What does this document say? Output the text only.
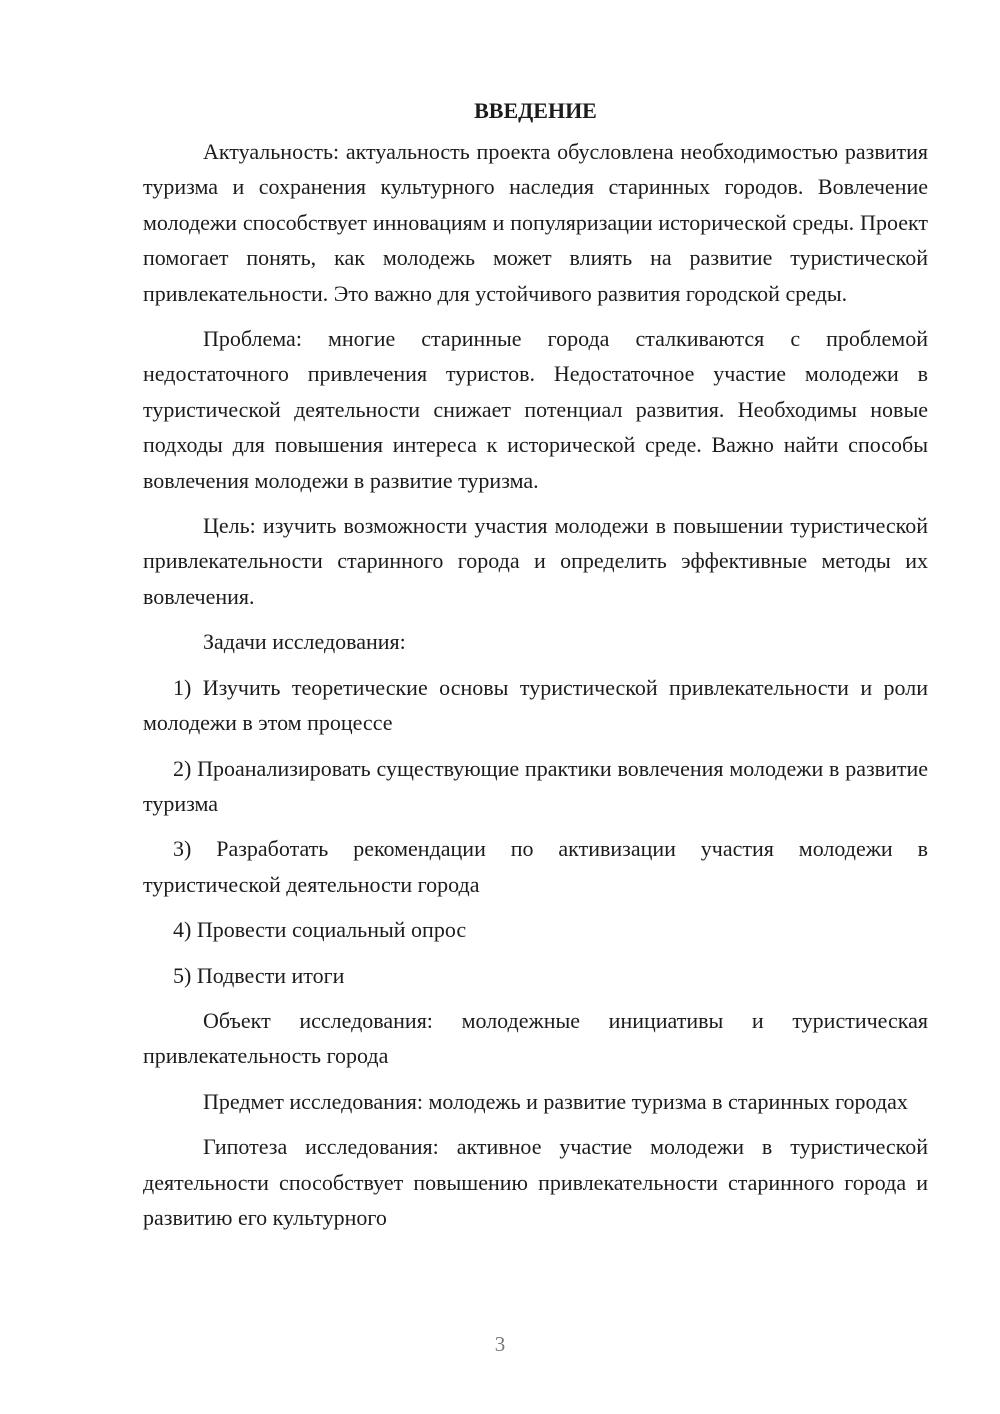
ВВЕДЕНИЕ

Актуальность: актуальность проекта обусловлена необходимостью развития туризма и сохранения культурного наследия старинных городов. Вовлечение молодежи способствует инновациям и популяризации исторической среды. Проект помогает понять, как молодежь может влиять на развитие туристической привлекательности. Это важно для устойчивого развития городской среды.

Проблема: многие старинные города сталкиваются с проблемой недостаточного привлечения туристов. Недостаточное участие молодежи в туристической деятельности снижает потенциал развития. Необходимы новые подходы для повышения интереса к исторической среде. Важно найти способы вовлечения молодежи в развитие туризма.

Цель: изучить возможности участия молодежи в повышении туристической привлекательности старинного города и определить эффективные методы их вовлечения.

Задачи исследования:

1) Изучить теоретические основы туристической привлекательности и роли молодежи в этом процессе

2) Проанализировать существующие практики вовлечения молодежи в развитие туризма

3) Разработать рекомендации по активизации участия молодежи в туристической деятельности города

4) Провести социальный опрос

5) Подвести итоги

Объект исследования: молодежные инициативы и туристическая привлекательность города

Предмет исследования: молодежь и развитие туризма в старинных городах

Гипотеза исследования: активное участие молодежи в туристической деятельности способствует повышению привлекательности старинного города и развитию его культурного

3
